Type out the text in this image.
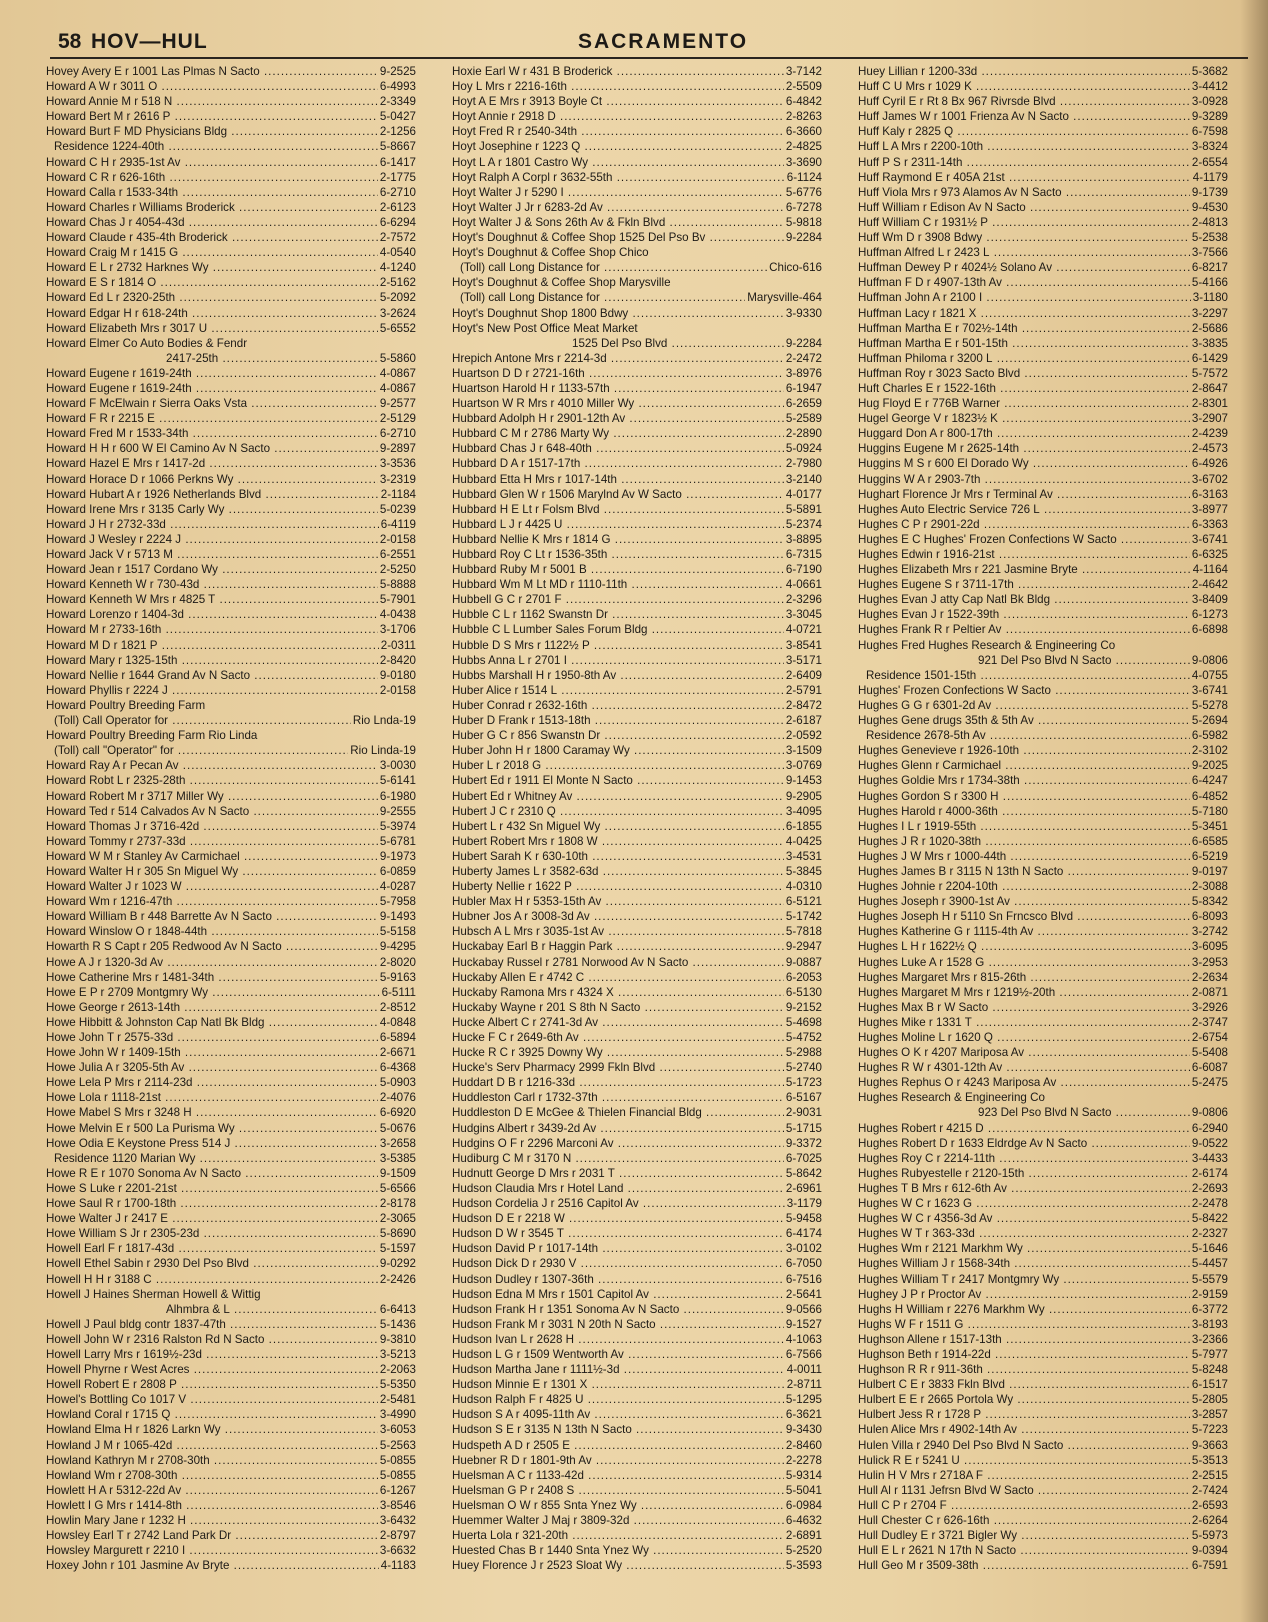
58 HOV—HUL	SACRAMENTO
Hovey Avery E r 1001 Las Plmas N Sacto .....	9-2525
Howard A W r 3011 O .....	6-4993
Howard Annie M r 518 N .....	2-3349
Howard Bert M r 2616 P .....	5-0427
Howard Burt F MD Physicians Bldg .....	2-1256
Residence 1224-40th .....	5-8667
Howard C H r 2935-1st Av .....	6-1417
Howard C R r 626-16th .....	2-1775
Howard Calla r 1533-34th .....	6-2710
Howard Charles r Williams Broderick .....	2-6123
Howard Chas J r 4054-43d .....	6-6294
Howard Claude r 435-4th Broderick .....	2-7572
Howard Craig M r 1415 G .....	4-0540
Howard E L r 2732 Harknes Wy .....	4-1240
Howard E S r 1814 O .....	2-5162
Howard Ed L r 2320-25th .....	5-2092
Howard Edgar H r 618-24th .....	3-2624
Howard Elizabeth Mrs r 3017 U .....	5-6552
Howard Elmer Co Auto Bodies & Fendr
2417-25th .....	5-5860
Howard Eugene r 1619-24th .....	4-0867
Howard Eugene r 1619-24th .....	4-0867
Howard F McElwain r Sierra Oaks Vsta .....	9-2577
Howard F R r 2215 E .....	2-5129
Howard Fred M r 1533-34th .....	6-2710
Howard H H r 600 W El Camino Av N Sacto .....	9-2897
Howard Hazel E Mrs r 1417-2d .....	3-3536
Howard Horace D r 1066 Perkns Wy .....	3-2319
Howard Hubart A r 1926 Netherlands Blvd .....	2-1184
Howard Irene Mrs r 3135 Carly Wy .....	5-0239
Howard J H r 2732-33d .....	6-4119
Howard J Wesley r 2224 J .....	2-0158
Howard Jack V r 5713 M .....	6-2551
Howard Jean r 1517 Cordano Wy .....	2-5250
Howard Kenneth W r 730-43d .....	5-8888
Howard Kenneth W Mrs r 4825 T .....	5-7901
Howard Lorenzo r 1404-3d .....	4-0438
Howard M r 2733-16th .....	3-1706
Howard M D r 1821 P .....	2-0311
Howard Mary r 1325-15th .....	2-8420
Howard Nellie r 1644 Grand Av N Sacto .....	9-0180
Howard Phyllis r 2224 J .....	2-0158
Howard Poultry Breeding Farm
(Toll) Call Operator for .....	Rio Lnda-19
Howard Poultry Breeding Farm Rio Linda
(Toll) call "Operator" for .....	Rio Linda-19
Howard Ray A r Pecan Av .....	3-0030
Howard Robt L r 2325-28th .....	5-6141
Howard Robert M r 3717 Miller Wy .....	6-1980
Howard Ted r 514 Calvados Av N Sacto .....	9-2555
Howard Thomas J r 3716-42d .....	5-3974
Howard Tommy r 2737-33d .....	5-6781
Howard W M r Stanley Av Carmichael .....	9-1973
Howard Walter H r 305 Sn Miguel Wy .....	6-0859
Howard Walter J r 1023 W .....	4-0287
Howard Wm r 1216-47th .....	5-7958
Howard William B r 448 Barrette Av N Sacto .....	9-1493
Howard Winslow O r 1848-44th .....	5-5158
Howarth R S Capt r 205 Redwood Av N Sacto .....	9-4295
Howe A J r 1320-3d Av .....	2-8020
Howe Catherine Mrs r 1481-34th .....	5-9163
Howe E P r 2709 Montgmry Wy .....	6-5111
Howe George r 2613-14th .....	2-8512
Howe Hibbitt & Johnston Cap Natl Bk Bldg .....	4-0848
Howe John T r 2575-33d .....	6-5894
Howe John W r 1409-15th .....	2-6671
Howe Julia A r 3205-5th Av .....	6-4368
Howe Lela P Mrs r 2114-23d .....	5-0903
Howe Lola r 1118-21st .....	2-4076
Howe Mabel S Mrs r 3248 H .....	6-6920
Howe Melvin E r 500 La Purisma Wy .....	5-0676
Howe Odia E Keystone Press 514 J .....	3-2658
Residence 1120 Marian Wy .....	3-5385
Howe R E r 1070 Sonoma Av N Sacto .....	9-1509
Howe S Luke r 2201-21st .....	5-6566
Howe Saul R r 1700-18th .....	2-8178
Howe Walter J r 2417 E .....	2-3065
Howe William S Jr r 2305-23d .....	5-8690
Howell Earl F r 1817-43d .....	5-1597
Howell Ethel Sabin r 2930 Del Pso Blvd .....	9-0292
Howell H H r 3188 C .....	2-2426
Howell J Haines Sherman Howell & Wittig
Alhmbra & L .....	6-6413
Howell J Paul bldg contr 1837-47th .....	5-1436
Howell John W r 2316 Ralston Rd N Sacto .....	9-3810
Howell Larry Mrs r 1619½-23d .....	3-5213
Howell Phyrne r West Acres .....	2-2063
Howell Robert E r 2808 P .....	5-5350
Howel's Bottling Co 1017 V .....	2-5481
Howland Coral r 1715 Q .....	3-4990
Howland Elma H r 1826 Larkn Wy .....	3-6053
Howland J M r 1065-42d .....	5-2563
Howland Kathryn M r 2708-30th .....	5-0855
Howland Wm r 2708-30th .....	5-0855
Howlett H A r 5312-22d Av .....	6-1267
Howlett I G Mrs r 1414-8th .....	3-8546
Howlin Mary Jane r 1232 H .....	3-6432
Howsley Earl T r 2742 Land Park Dr .....	2-8797
Howsley Margurett r 2210 I .....	3-6632
Hoxey John r 101 Jasmine Av Bryte .....	4-1183
Hoxie Earl W r 431 B Broderick .....	3-7142
Hoy L Mrs r 2216-16th .....	2-5509
Hoyt A E Mrs r 3913 Boyle Ct .....	6-4842
Hoyt Annie r 2918 D .....	2-8263
Hoyt Fred R r 2540-34th .....	6-3660
Hoyt Josephine r 1223 Q .....	2-4825
Hoyt L A r 1801 Castro Wy .....	3-3690
Hoyt Ralph A Corpl r 3632-55th .....	6-1124
Hoyt Walter J r 5290 I .....	5-6776
Hoyt Walter J Jr r 6283-2d Av .....	6-7278
Hoyt Walter J & Sons 26th Av & Fkln Blvd .....	5-9818
Hoyt's Doughnut & Coffee Shop 1525 Del Pso Bv .....	9-2284
Hoyt's Doughnut & Coffee Shop Chico
(Toll) call Long Distance for .....	Chico-616
Hoyt's Doughnut & Coffee Shop Marysville
(Toll) call Long Distance for .....	Marysville-464
Hoyt's Doughnut Shop 1800 Bdwy .....	3-9330
Hoyt's New Post Office Meat Market
1525 Del Pso Blvd .....	9-2284
Hrepich Antone Mrs r 2214-3d .....	2-2472
Huartson D D r 2721-16th .....	3-8976
Huartson Harold H r 1133-57th .....	6-1947
Huartson W R Mrs r 4010 Miller Wy .....	6-2659
Hubbard Adolph H r 2901-12th Av .....	5-2589
Hubbard C M r 2786 Marty Wy .....	2-2890
Hubbard Chas J r 648-40th .....	5-0924
Hubbard D A r 1517-17th .....	2-7980
Hubbard Etta H Mrs r 1017-14th .....	3-2140
Hubbard Glen W r 1506 Marylnd Av W Sacto .....	4-0177
Hubbard H E Lt r Folsm Blvd .....	5-5891
Hubbard L J r 4425 U .....	5-2374
Hubbard Nellie K Mrs r 1814 G .....	3-8895
Hubbard Roy C Lt r 1536-35th .....	6-7315
Hubbard Ruby M r 5001 B .....	6-7190
Hubbard Wm M Lt MD r 1110-11th .....	4-0661
Hubbell G C r 2701 F .....	2-3296
Hubble C L r 1162 Swanstn Dr .....	3-3045
Hubble C L Lumber Sales Forum Bldg .....	4-0721
Hubble D S Mrs r 1122½ P .....	3-8541
Hubbs Anna L r 2701 I .....	3-5171
Hubbs Marshall H r 1950-8th Av .....	2-6409
Huber Alice r 1514 L .....	2-5791
Huber Conrad r 2632-16th .....	2-8472
Huber D Frank r 1513-18th .....	2-6187
Huber G C r 856 Swanstn Dr .....	2-0592
Huber John H r 1800 Caramay Wy .....	3-1509
Huber L r 2018 G .....	3-0769
Hubert Ed r 1911 El Monte N Sacto .....	9-1453
Hubert Ed r Whitney Av .....	9-2905
Hubert J C r 2310 Q .....	3-4095
Hubert L r 432 Sn Miguel Wy .....	6-1855
Hubert Robert Mrs r 1808 W .....	4-0425
Hubert Sarah K r 630-10th .....	3-4531
Huberty James L r 3582-63d .....	5-3845
Huberty Nellie r 1622 P .....	4-0310
Hubler Max H r 5353-15th Av .....	6-5121
Hubner Jos A r 3008-3d Av .....	5-1742
Hubsch A L Mrs r 3035-1st Av .....	5-7818
Huckabay Earl B r Haggin Park .....	9-2947
Huckabay Russel r 2781 Norwood Av N Sacto .....	9-0887
Huckaby Allen E r 4742 C .....	6-2053
Huckaby Ramona Mrs r 4324 X .....	6-5130
Huckaby Wayne r 201 S 8th N Sacto .....	9-2152
Hucke Albert C r 2741-3d Av .....	5-4698
Hucke F C r 2649-6th Av .....	5-4752
Hucke R C r 3925 Downy Wy .....	5-2988
Hucke's Serv Pharmacy 2999 Fkln Blvd .....	5-2740
Huddart D B r 1216-33d .....	5-1723
Huddleston Carl r 1732-37th .....	6-5167
Huddleston D E McGee & Thielen Financial Bldg .....	2-9031
Hudgins Albert r 3439-2d Av .....	5-1715
Hudgins O F r 2296 Marconi Av .....	9-3372
Hudiburg C M r 3170 N .....	6-7025
Hudnutt George D Mrs r 2031 T .....	5-8642
Hudson Claudia Mrs r Hotel Land .....	2-6961
Hudson Cordelia J r 2516 Capitol Av .....	3-1179
Hudson D E r 2218 W .....	5-9458
Hudson D W r 3545 T .....	6-4174
Hudson David P r 1017-14th .....	3-0102
Hudson Dick D r 2930 V .....	6-7050
Hudson Dudley r 1307-36th .....	6-7516
Hudson Edna M Mrs r 1501 Capitol Av .....	2-5641
Hudson Frank H r 1351 Sonoma Av N Sacto .....	9-0566
Hudson Frank M r 3031 N 20th N Sacto .....	9-1527
Hudson Ivan L r 2628 H .....	4-1063
Hudson L G r 1509 Wentworth Av .....	6-7566
Hudson Martha Jane r 1111½-3d .....	4-0011
Hudson Minnie E r 1301 X .....	2-8711
Hudson Ralph F r 4825 U .....	5-1295
Hudson S A r 4095-11th Av .....	6-3621
Hudson S E r 3135 N 13th N Sacto .....	9-3430
Hudspeth A D r 2505 E .....	2-8460
Huebner R D r 1801-9th Av .....	2-2278
Huelsman A C r 1133-42d .....	5-9314
Huelsman G P r 2408 S .....	5-5041
Huelsman O W r 855 Snta Ynez Wy .....	6-0984
Huemmer Walter J Maj r 3809-32d .....	6-4632
Huerta Lola r 321-20th .....	2-6891
Huested Chas B r 1440 Snta Ynez Wy .....	5-2520
Huey Florence J r 2523 Sloat Wy .....	5-3593
Huey Lillian r 1200-33d .....	5-3682
Huff C U Mrs r 1029 K .....	3-4412
Huff Cyril E r Rt 8 Bx 967 Rivrsde Blvd .....	3-0928
Huff James W r 1001 Frienza Av N Sacto .....	9-3289
Huff Kaly r 2825 Q .....	6-7598
Huff L A Mrs r 2200-10th .....	3-8324
Huff P S r 2311-14th .....	2-6554
Huff Raymond E r 405A 21st .....	4-1179
Huff Viola Mrs r 973 Alamos Av N Sacto .....	9-1739
Huff William r Edison Av N Sacto .....	9-4530
Huff William C r 1931½ P .....	2-4813
Huff Wm D r 3908 Bdwy .....	5-2538
Huffman Alfred L r 2423 L .....	3-7566
Huffman Dewey P r 4024½ Solano Av .....	6-8217
Huffman F D r 4907-13th Av .....	5-4166
Huffman John A r 2100 I .....	3-1180
Huffman Lacy r 1821 X .....	3-2297
Huffman Martha E r 702½-14th .....	2-5686
Huffman Martha E r 501-15th .....	3-3835
Huffman Philoma r 3200 L .....	6-1429
Huffman Roy r 3023 Sacto Blvd .....	5-7572
Huft Charles E r 1522-16th .....	2-8647
Hug Floyd E r 776B Warner .....	2-8301
Hugel George V r 1823½ K .....	3-2907
Huggard Don A r 800-17th .....	2-4239
Huggins Eugene M r 2625-14th .....	2-4573
Huggins M S r 600 El Dorado Wy .....	6-4926
Huggins W A r 2903-7th .....	3-6702
Hughart Florence Jr Mrs r Terminal Av .....	6-3163
Hughes Auto Electric Service 726 L .....	3-8977
Hughes C P r 2901-22d .....	6-3363
Hughes E C Hughes' Frozen Confections W Sacto .....	3-6741
Hughes Edwin r 1916-21st .....	6-6325
Hughes Elizabeth Mrs r 221 Jasmine Bryte .....	4-1164
Hughes Eugene S r 3711-17th .....	2-4642
Hughes Evan J atty Cap Natl Bk Bldg .....	3-8409
Hughes Evan J r 1522-39th .....	6-1273
Hughes Frank R r Peltier Av .....	6-6898
Hughes Fred Hughes Research & Engineering Co
921 Del Pso Blvd N Sacto .....	9-0806
Residence 1501-15th .....	4-0755
Hughes' Frozen Confections W Sacto .....	3-6741
Hughes G G r 6301-2d Av .....	5-5278
Hughes Gene drugs 35th & 5th Av .....	5-2694
Residence 2678-5th Av .....	6-5982
Hughes Genevieve r 1926-10th .....	2-3102
Hughes Glenn r Carmichael .....	9-2025
Hughes Goldie Mrs r 1734-38th .....	6-4247
Hughes Gordon S r 3300 H .....	6-4852
Hughes Harold r 4000-36th .....	5-7180
Hughes I L r 1919-55th .....	5-3451
Hughes J R r 1020-38th .....	6-6585
Hughes J W Mrs r 1000-44th .....	6-5219
Hughes James B r 3115 N 13th N Sacto .....	9-0197
Hughes Johnie r 2204-10th .....	2-3088
Hughes Joseph r 3900-1st Av .....	5-8342
Hughes Joseph H r 5110 Sn Frncsco Blvd .....	6-8093
Hughes Katherine G r 1115-4th Av .....	3-2742
Hughes L H r 1622½ Q .....	3-6095
Hughes Luke A r 1528 G .....	3-2953
Hughes Margaret Mrs r 815-26th .....	2-2634
Hughes Margaret M Mrs r 1219½-20th .....	2-0871
Hughes Max B r W Sacto .....	3-2926
Hughes Mike r 1331 T .....	2-3747
Hughes Moline L r 1620 Q .....	2-6754
Hughes O K r 4207 Mariposa Av .....	5-5408
Hughes R W r 4301-12th Av .....	6-6087
Hughes Rephus O r 4243 Mariposa Av .....	5-2475
Hughes Research & Engineering Co
923 Del Pso Blvd N Sacto .....	9-0806
Hughes Robert r 4215 D .....	6-2940
Hughes Robert D r 1633 Eldrdge Av N Sacto .....	9-0522
Hughes Roy C r 2214-11th .....	3-4433
Hughes Rubyestelle r 2120-15th .....	2-6174
Hughes T B Mrs r 612-6th Av .....	2-2693
Hughes W C r 1623 G .....	2-2478
Hughes W C r 4356-3d Av .....	5-8422
Hughes W T r 363-33d .....	2-2327
Hughes Wm r 2121 Markhm Wy .....	5-1646
Hughes William J r 1568-34th .....	5-4457
Hughes William T r 2417 Montgmry Wy .....	5-5579
Hughey J P r Proctor Av .....	2-9159
Hughs H William r 2276 Markhm Wy .....	6-3772
Hughs W F r 1511 G .....	3-8193
Hughson Allene r 1517-13th .....	3-2366
Hughson Beth r 1914-22d .....	5-7977
Hughson R R r 911-36th .....	5-8248
Hulbert C E r 3833 Fkln Blvd .....	6-1517
Hulbert E E r 2665 Portola Wy .....	5-2805
Hulbert Jess R r 1728 P .....	3-2857
Hulen Alice Mrs r 4902-14th Av .....	5-7223
Hulen Villa r 2940 Del Pso Blvd N Sacto .....	9-3663
Hulick R E r 5241 U .....	5-3513
Hulin H V Mrs r 2718A F .....	2-2515
Hull Al r 1131 Jefrsn Blvd W Sacto .....	2-7424
Hull C P r 2704 F .....	2-6593
Hull Chester C r 626-16th .....	2-6264
Hull Dudley E r 3721 Bigler Wy .....	5-5973
Hull E L r 2621 N 17th N Sacto .....	9-0394
Hull Geo M r 3509-38th .....	6-7591
